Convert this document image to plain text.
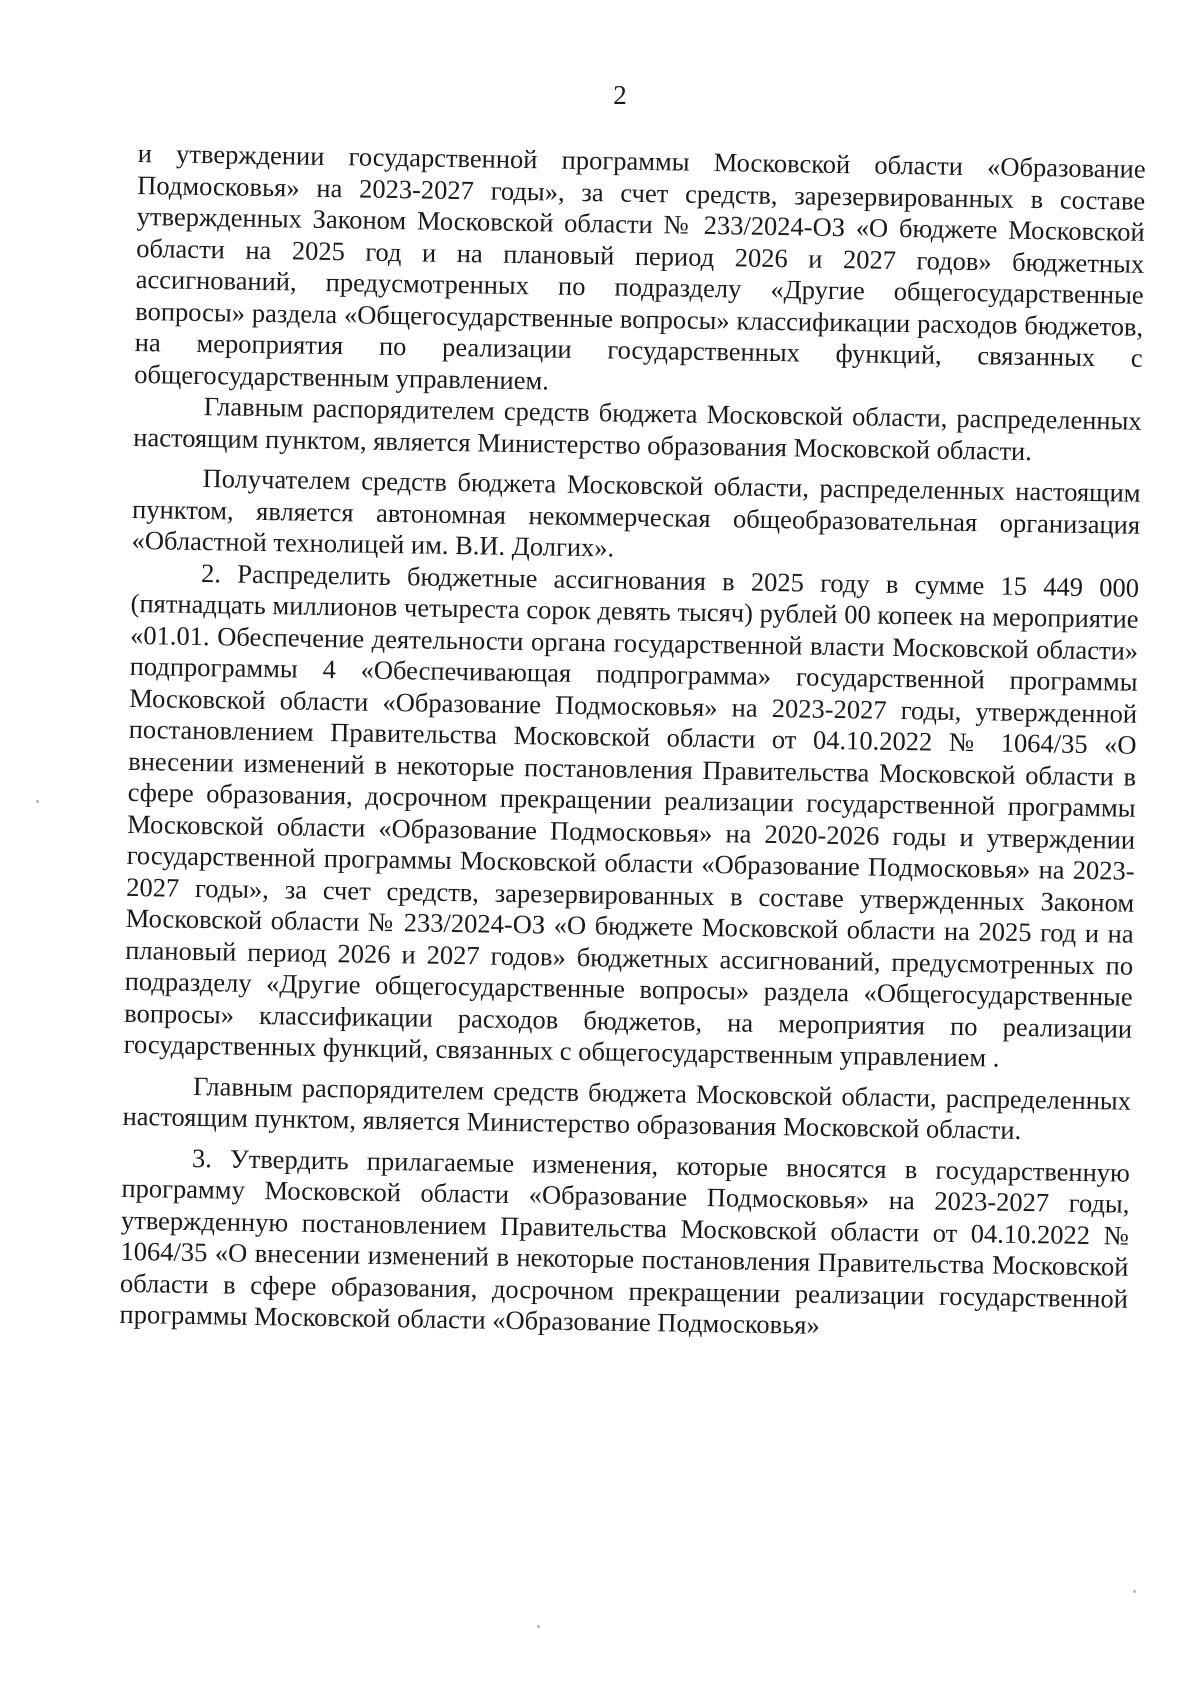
2

и утверждении государственной программы Московской области «Образование Подмосковья» на 2023-2027 годы», за счет средств, зарезервированных в составе утвержденных Законом Московской области № 233/2024-ОЗ «О бюджете Московской области на 2025 год и на плановый период 2026 и 2027 годов» бюджетных ассигнований, предусмотренных по подразделу «Другие общегосударственные вопросы» раздела «Общегосударственные вопросы» классификации расходов бюджетов, на мероприятия по реализации государственных функций, связанных с общегосударственным управлением.

Главным распорядителем средств бюджета Московской области, распределенных настоящим пунктом, является Министерство образования Московской области.

Получателем средств бюджета Московской области, распределенных настоящим пунктом, является автономная некоммерческая общеобразовательная организация «Областной технолицей им. В.И. Долгих».

2. Распределить бюджетные ассигнования в 2025 году в сумме 15 449 000 (пятнадцать миллионов четыреста сорок девять тысяч) рублей 00 копеек на мероприятие «01.01. Обеспечение деятельности органа государственной власти Московской области» подпрограммы 4 «Обеспечивающая подпрограмма» государственной программы Московской области «Образование Подмосковья» на 2023-2027 годы, утвержденной постановлением Правительства Московской области от 04.10.2022 № 1064/35 «О внесении изменений в некоторые постановления Правительства Московской области в сфере образования, досрочном прекращении реализации государственной программы Московской области «Образование Подмосковья» на 2020-2026 годы и утверждении государственной программы Московской области «Образование Подмосковья» на 2023-2027 годы», за счет средств, зарезервированных в составе утвержденных Законом Московской области № 233/2024-ОЗ «О бюджете Московской области на 2025 год и на плановый период 2026 и 2027 годов» бюджетных ассигнований, предусмотренных по подразделу «Другие общегосударственные вопросы» раздела «Общегосударственные вопросы» классификации расходов бюджетов, на мероприятия по реализации государственных функций, связанных с общегосударственным управлением .

Главным распорядителем средств бюджета Московской области, распределенных настоящим пунктом, является Министерство образования Московской области.

3. Утвердить прилагаемые изменения, которые вносятся в государственную программу Московской области «Образование Подмосковья» на 2023-2027 годы, утвержденную постановлением Правительства Московской области от 04.10.2022 № 1064/35 «О внесении изменений в некоторые постановления Правительства Московской области в сфере образования, досрочном прекращении реализации государственной программы Московской области «Образование Подмосковья»
